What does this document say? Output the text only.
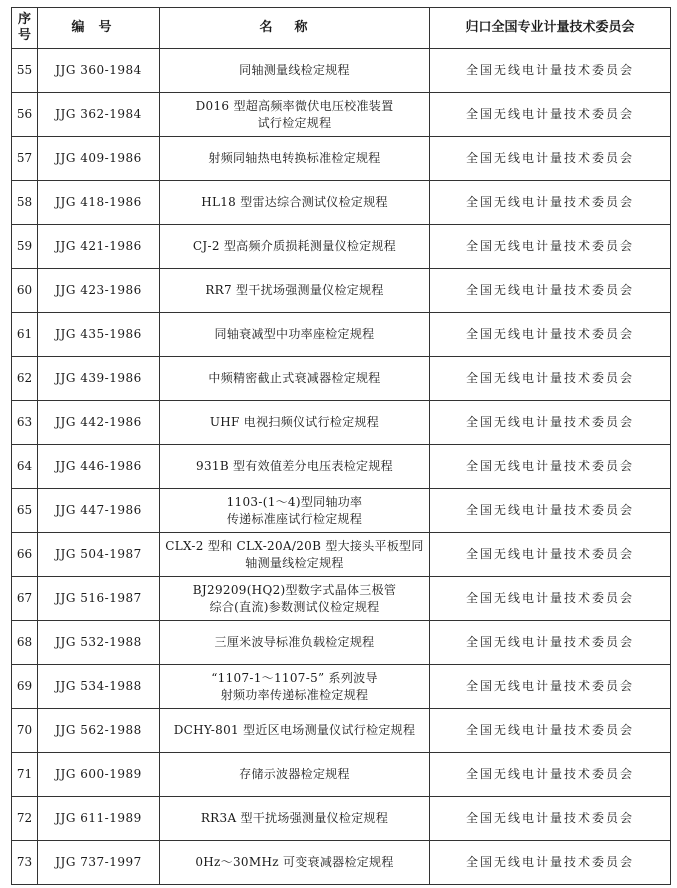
序号	编号	名称	归口全国专业计量技术委员会
55	JJG 360-1984	同轴测量线检定规程	全国无线电计量技术委员会
56	JJG 362-1984	D016 型超高频率微伏电压校准装置
试行检定规程	全国无线电计量技术委员会
57	JJG 409-1986	射频同轴热电转换标准检定规程	全国无线电计量技术委员会
58	JJG 418-1986	HL18 型雷达综合测试仪检定规程	全国无线电计量技术委员会
59	JJG 421-1986	CJ-2 型高频介质损耗测量仪检定规程	全国无线电计量技术委员会
60	JJG 423-1986	RR7 型干扰场强测量仪检定规程	全国无线电计量技术委员会
61	JJG 435-1986	同轴衰减型中功率座检定规程	全国无线电计量技术委员会
62	JJG 439-1986	中频精密截止式衰减器检定规程	全国无线电计量技术委员会
63	JJG 442-1986	UHF 电视扫频仪试行检定规程	全国无线电计量技术委员会
64	JJG 446-1986	931B 型有效值差分电压表检定规程	全国无线电计量技术委员会
65	JJG 447-1986	1103-(1～4)型同轴功率
传递标准座试行检定规程	全国无线电计量技术委员会
66	JJG 504-1987	CLX-2 型和 CLX-20A/20B 型大接头平板型同
轴测量线检定规程	全国无线电计量技术委员会
67	JJG 516-1987	BJ29209(HQ2)型数字式晶体三极管
综合(直流)参数测试仪检定规程	全国无线电计量技术委员会
68	JJG 532-1988	三厘米波导标准负载检定规程	全国无线电计量技术委员会
69	JJG 534-1988	“1107-1～1107-5” 系列波导
射频功率传递标准检定规程	全国无线电计量技术委员会
70	JJG 562-1988	DCHY-801 型近区电场测量仪试行检定规程	全国无线电计量技术委员会
71	JJG 600-1989	存储示波器检定规程	全国无线电计量技术委员会
72	JJG 611-1989	RR3A 型干扰场强测量仪检定规程	全国无线电计量技术委员会
73	JJG 737-1997	0Hz～30MHz 可变衰减器检定规程	全国无线电计量技术委员会
